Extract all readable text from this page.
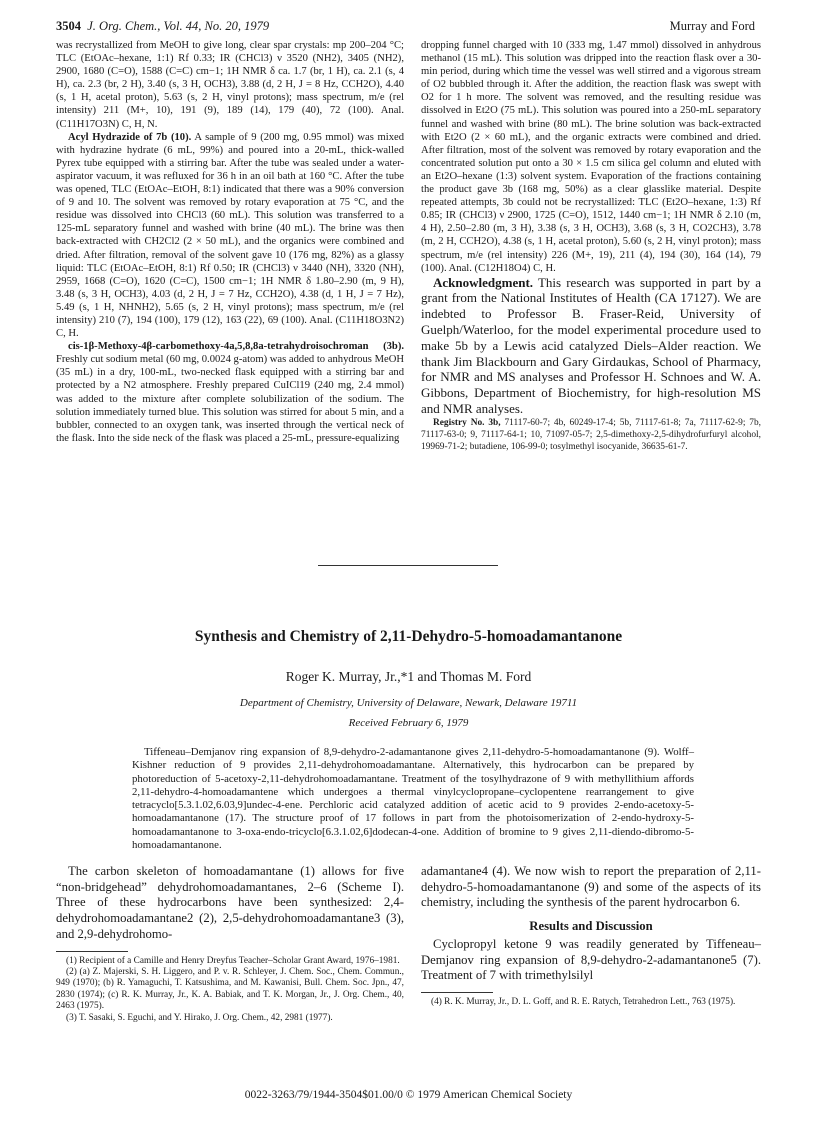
3504 J. Org. Chem., Vol. 44, No. 20, 1979	Murray and Ford

was recrystallized from MeOH to give long, clear spar crystals: mp 200–204 °C; TLC (EtOAc–hexane, 1:1) Rf 0.33; IR (CHCl3) ν 3520 (NH2), 3405 (NH2), 2900, 1680 (C=O), 1588 (C=C) cm−1; 1H NMR δ ca. 1.7 (br, 1 H), ca. 2.1 (s, 4 H), ca. 2.3 (br, 2 H), 3.40 (s, 3 H, OCH3), 3.88 (d, 2 H, J = 8 Hz, CCH2O), 4.40 (s, 1 H, acetal proton), 5.63 (s, 2 H, vinyl protons); mass spectrum, m/e (rel intensity) 211 (M+, 10), 191 (9), 189 (14), 179 (40), 72 (100). Anal. (C11H17O3N) C, H, N.

Acyl Hydrazide of 7b (10). A sample of 9 (200 mg, 0.95 mmol) was mixed with hydrazine hydrate (6 mL, 99%) and poured into a 20-mL, thick-walled Pyrex tube equipped with a stirring bar. After the tube was sealed under a water-aspirator vacuum, it was refluxed for 36 h in an oil bath at 160 °C. After the tube was opened, TLC (EtOAc–EtOH, 8:1) indicated that there was a 90% conversion of 9 and 10. The solvent was removed by rotary evaporation at 75 °C, and the residue was dissolved into CHCl3 (60 mL). This solution was transferred to a 125-mL separatory funnel and washed with brine (40 mL). The brine was then back-extracted with CH2Cl2 (2 × 50 mL), and the organics were combined and dried. After filtration, removal of the solvent gave 10 (176 mg, 82%) as a glassy liquid: TLC (EtOAc–EtOH, 8:1) Rf 0.50; IR (CHCl3) ν 3440 (NH), 3320 (NH), 2959, 1668 (C=O), 1620 (C=C), 1500 cm−1; 1H NMR δ 1.80–2.90 (m, 9 H), 3.48 (s, 3 H, OCH3), 4.03 (d, 2 H, J = 7 Hz, CCH2O), 4.38 (d, 1 H, J = 7 Hz), 5.49 (s, 1 H, NHNH2), 5.65 (s, 2 H, vinyl protons); mass spectrum, m/e (rel intensity) 210 (7), 194 (100), 179 (12), 163 (22), 69 (100). Anal. (C11H18O3N2) C, H.

cis-1β-Methoxy-4β-carbomethoxy-4a,5,8,8a-tetrahydroisochroman (3b). Freshly cut sodium metal (60 mg, 0.0024 g-atom) was added to anhydrous MeOH (35 mL) in a dry, 100-mL, two-necked flask equipped with a stirring bar and protected by a N2 atmosphere. Freshly prepared CuICl19 (240 mg, 2.4 mmol) was added to the mixture after complete solubilization of the sodium. The solution immediately turned blue. This solution was stirred for about 5 min, and a bubbler, connected to an oxygen tank, was inserted through the vertical neck of the flask. Into the side neck of the flask was placed a 25-mL, pressure-equalizing

dropping funnel charged with 10 (333 mg, 1.47 mmol) dissolved in anhydrous methanol (15 mL). This solution was dripped into the reaction flask over a 30-min period, during which time the vessel was well stirred and a vigorous stream of O2 bubbled through it. After the addition, the reaction flask was swept with O2 for 1 h more. The solvent was removed, and the resulting residue was dissolved in Et2O (75 mL). This solution was poured into a 250-mL separatory funnel and washed with brine (80 mL). The brine solution was back-extracted with Et2O (2 × 60 mL), and the organic extracts were combined and dried. After filtration, most of the solvent was removed by rotary evaporation and the concentrated solution put onto a 30 × 1.5 cm silica gel column and eluted with an Et2O–hexane (1:3) solvent system. Evaporation of the fractions containing the product gave 3b (168 mg, 50%) as a clear glasslike material. Despite repeated attempts, 3b could not be recrystallized: TLC (Et2O–hexane, 1:3) Rf 0.85; IR (CHCl3) ν 2900, 1725 (C=O), 1512, 1440 cm−1; 1H NMR δ 2.10 (m, 4 H), 2.50–2.80 (m, 3 H), 3.38 (s, 3 H, OCH3), 3.68 (s, 3 H, CO2CH3), 3.78 (m, 2 H, CCH2O), 4.38 (s, 1 H, acetal proton), 5.60 (s, 2 H, vinyl proton); mass spectrum, m/e (rel intensity) 226 (M+, 19), 211 (4), 194 (30), 164 (14), 79 (100). Anal. (C12H18O4) C, H.

Acknowledgment. This research was supported in part by a grant from the National Institutes of Health (CA 17127). We are indebted to Professor B. Fraser-Reid, University of Guelph/Waterloo, for the model experimental procedure used to make 5b by a Lewis acid catalyzed Diels–Alder reaction. We thank Jim Blackbourn and Gary Girdaukas, School of Pharmacy, for NMR and MS analyses and Professor H. Schnoes and W. A. Gibbons, Department of Biochemistry, for high-resolution MS and NMR analyses.

Registry No. 3b, 71117-60-7; 4b, 60249-17-4; 5b, 71117-61-8; 7a, 71117-62-9; 7b, 71117-63-0; 9, 71117-64-1; 10, 71097-05-7; 2,5-dimethoxy-2,5-dihydrofurfuryl alcohol, 19969-71-2; butadiene, 106-99-0; tosylmethyl isocyanide, 36635-61-7.

Synthesis and Chemistry of 2,11-Dehydro-5-homoadamantanone
Roger K. Murray, Jr.,*1 and Thomas M. Ford
Department of Chemistry, University of Delaware, Newark, Delaware 19711
Received February 6, 1979
Tiffeneau–Demjanov ring expansion of 8,9-dehydro-2-adamantanone gives 2,11-dehydro-5-homoadamantanone (9). Wolff–Kishner reduction of 9 provides 2,11-dehydrohomoadamantane. Alternatively, this hydrocarbon can be prepared by photoreduction of 5-acetoxy-2,11-dehydrohomoadamantane. Treatment of the tosylhydrazone of 9 with methyllithium affords 2,11-dehydro-4-homoadamantene which undergoes a thermal vinylcyclopropane–cyclopentene rearrangement to give tetracyclo[5.3.1.02,6.03,9]undec-4-ene. Perchloric acid catalyzed addition of acetic acid to 9 provides 2-endo-acetoxy-5-homoadamantanone (17). The structure proof of 17 follows in part from the photoisomerization of 2-endo-hydroxy-5-homoadamantanone to 3-oxa-endo-tricyclo[6.3.1.02,6]dodecan-4-one. Addition of bromine to 9 gives 2,11-diendo-dibromo-5-homoadamantanone.

The carbon skeleton of homoadamantane (1) allows for five “non-bridgehead” dehydrohomoadamantanes, 2–6 (Scheme I). Three of these hydrocarbons have been synthesized: 2,4-dehydrohomoadamantane2 (2), 2,5-dehydrohomoadamantane3 (3), and 2,9-dehydrohomo-

(1) Recipient of a Camille and Henry Dreyfus Teacher–Scholar Grant Award, 1976–1981.
(2) (a) Z. Majerski, S. H. Liggero, and P. v. R. Schleyer, J. Chem. Soc., Chem. Commun., 949 (1970); (b) R. Yamaguchi, T. Katsushima, and M. Kawanisi, Bull. Chem. Soc. Jpn., 47, 2830 (1974); (c) R. K. Murray, Jr., K. A. Babiak, and T. K. Morgan, Jr., J. Org. Chem., 40, 2463 (1975).
(3) T. Sasaki, S. Eguchi, and Y. Hirako, J. Org. Chem., 42, 2981 (1977).

adamantane4 (4). We now wish to report the preparation of 2,11-dehydro-5-homoadamantanone (9) and some of the aspects of its chemistry, including the synthesis of the parent hydrocarbon 6.

Results and Discussion

Cyclopropyl ketone 9 was readily generated by Tiffeneau–Demjanov ring expansion of 8,9-dehydro-2-adamantanone5 (7). Treatment of 7 with trimethylsilyl

(4) R. K. Murray, Jr., D. L. Goff, and R. E. Ratych, Tetrahedron Lett., 763 (1975).
0022-3263/79/1944-3504$01.00/0 © 1979 American Chemical Society
